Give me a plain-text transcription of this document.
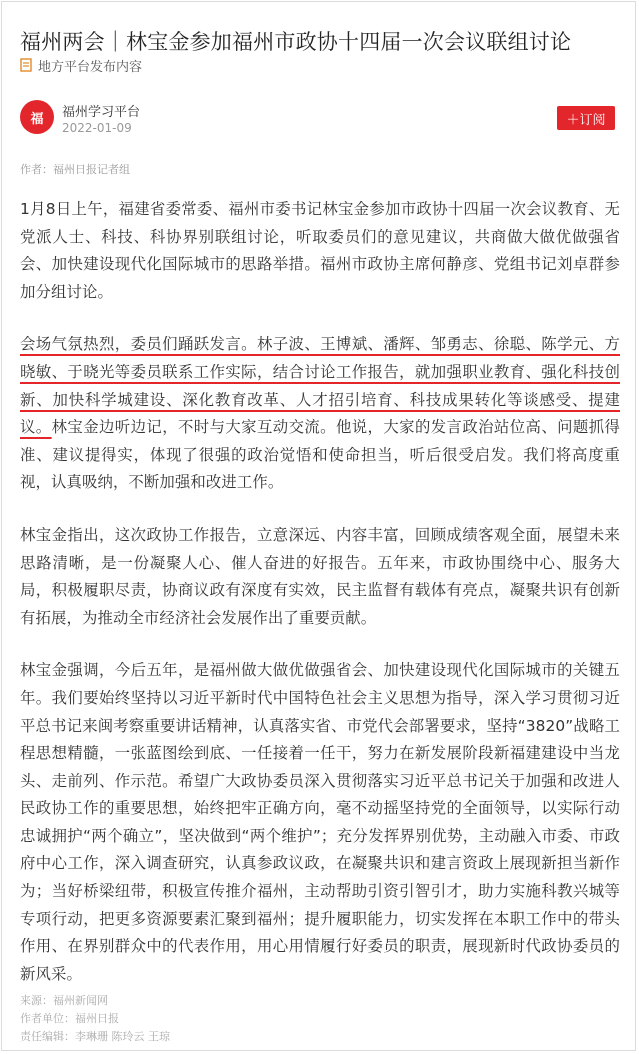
福州两会｜林宝金参加福州市政协十四届一次会议联组讨论
地方平台发布内容
福	福州学习平台
2022-01-09
＋订阅
作者：福州日报记者组

1月8日上午，福建省委常委、福州市委书记林宝金参加市政协十四届一次会议教育、无党派人士、科技、科协界别联组讨论，听取委员们的意见建议，共商做大做优做强省会、加快建设现代化国际城市的思路举措。福州市政协主席何静彦、党组书记刘卓群参加分组讨论。

会场气氛热烈，委员们踊跃发言。林子波、王博斌、潘辉、邹勇志、徐聪、陈学元、方晓敏、于晓光等委员联系工作实际，结合讨论工作报告，就加强职业教育、强化科技创新、加快科学城建设、深化教育改革、人才招引培育、科技成果转化等谈感受、提建议。林宝金边听边记，不时与大家互动交流。他说，大家的发言政治站位高、问题抓得准、建议提得实，体现了很强的政治觉悟和使命担当，听后很受启发。我们将高度重视，认真吸纳，不断加强和改进工作。

林宝金指出，这次政协工作报告，立意深远、内容丰富，回顾成绩客观全面，展望未来思路清晰，是一份凝聚人心、催人奋进的好报告。五年来，市政协围绕中心、服务大局，积极履职尽责，协商议政有深度有实效，民主监督有载体有亮点，凝聚共识有创新有拓展，为推动全市经济社会发展作出了重要贡献。

林宝金强调，今后五年，是福州做大做优做强省会、加快建设现代化国际城市的关键五年。我们要始终坚持以习近平新时代中国特色社会主义思想为指导，深入学习贯彻习近平总书记来闽考察重要讲话精神，认真落实省、市党代会部署要求，坚持“3820”战略工程思想精髓，一张蓝图绘到底、一任接着一任干，努力在新发展阶段新福建建设中当龙头、走前列、作示范。希望广大政协委员深入贯彻落实习近平总书记关于加强和改进人民政协工作的重要思想，始终把牢正确方向，毫不动摇坚持党的全面领导，以实际行动忠诚拥护“两个确立”，坚决做到“两个维护”；充分发挥界别优势，主动融入市委、市政府中心工作，深入调查研究，认真参政议政，在凝聚共识和建言资政上展现新担当新作为；当好桥梁纽带，积极宣传推介福州，主动帮助引资引智引才，助力实施科教兴城等专项行动，把更多资源要素汇聚到福州；提升履职能力，切实发挥在本职工作中的带头作用、在界别群众中的代表作用，用心用情履行好委员的职责，展现新时代政协委员的新风采。

来源：福州新闻网
作者单位：福州日报
责任编辑：李琳珊 陈玲云 王琼
